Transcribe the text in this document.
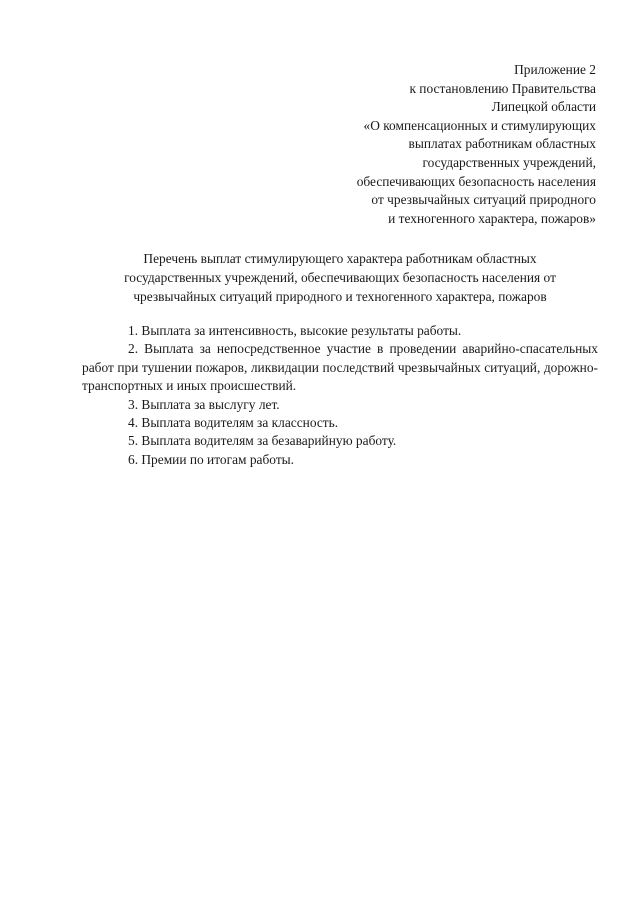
Приложение 2
к постановлению Правительства
Липецкой области
«О компенсационных и стимулирующих
выплатах работникам областных
государственных учреждений,
обеспечивающих безопасность населения
от чрезвычайных ситуаций природного
и техногенного характера, пожаров»
Перечень выплат стимулирующего характера работникам областных
государственных учреждений, обеспечивающих безопасность населения от
чрезвычайных ситуаций природного и техногенного характера, пожаров

1. Выплата за интенсивность, высокие результаты работы.

2. Выплата за непосредственное участие в проведении аварийно-спасательных работ при тушении пожаров, ликвидации последствий чрезвычайных ситуаций, дорожно-транспортных и иных происшествий.

3. Выплата за выслугу лет.

4. Выплата водителям за классность.

5. Выплата водителям за безаварийную работу.

6. Премии по итогам работы.
